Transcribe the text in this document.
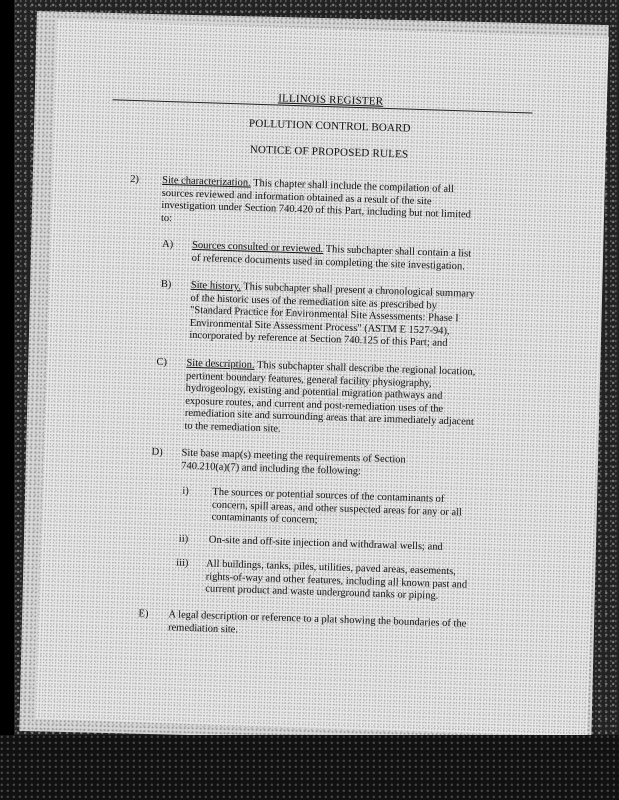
ILLINOIS REGISTER
POLLUTION CONTROL BOARD
NOTICE OF PROPOSED RULES
2) Site characterization. This chapter shall include the compilation of all sources reviewed and information obtained as a result of the site investigation under Section 740.420 of this Part, including but not limited to:
A) Sources consulted or reviewed. This subchapter shall contain a list of reference documents used in completing the site investigation.
B) Site history. This subchapter shall present a chronological summary of the historic uses of the remediation site as prescribed by "Standard Practice for Environmental Site Assessments: Phase I Environmental Site Assessment Process" (ASTM E 1527-94), incorporated by reference at Section 740.125 of this Part; and
C) Site description. This subchapter shall describe the regional location, pertinent boundary features, general facility physiography, hydrogeology, existing and potential migration pathways and exposure routes, and current and post-remediation uses of the remediation site and surrounding areas that are immediately adjacent to the remediation site.
D) Site base map(s) meeting the requirements of Section 740.210(a)(7) and including the following:
i) The sources or potential sources of the contaminants of concern, spill areas, and other suspected areas for any or all contaminants of concern;
ii) On-site and off-site injection and withdrawal wells; and
iii) All buildings, tanks, piles, utilities, paved areas, easements, rights-of-way and other features, including all known past and current product and waste underground tanks or piping.
E) A legal description or reference to a plat showing the boundaries of the remediation site.
